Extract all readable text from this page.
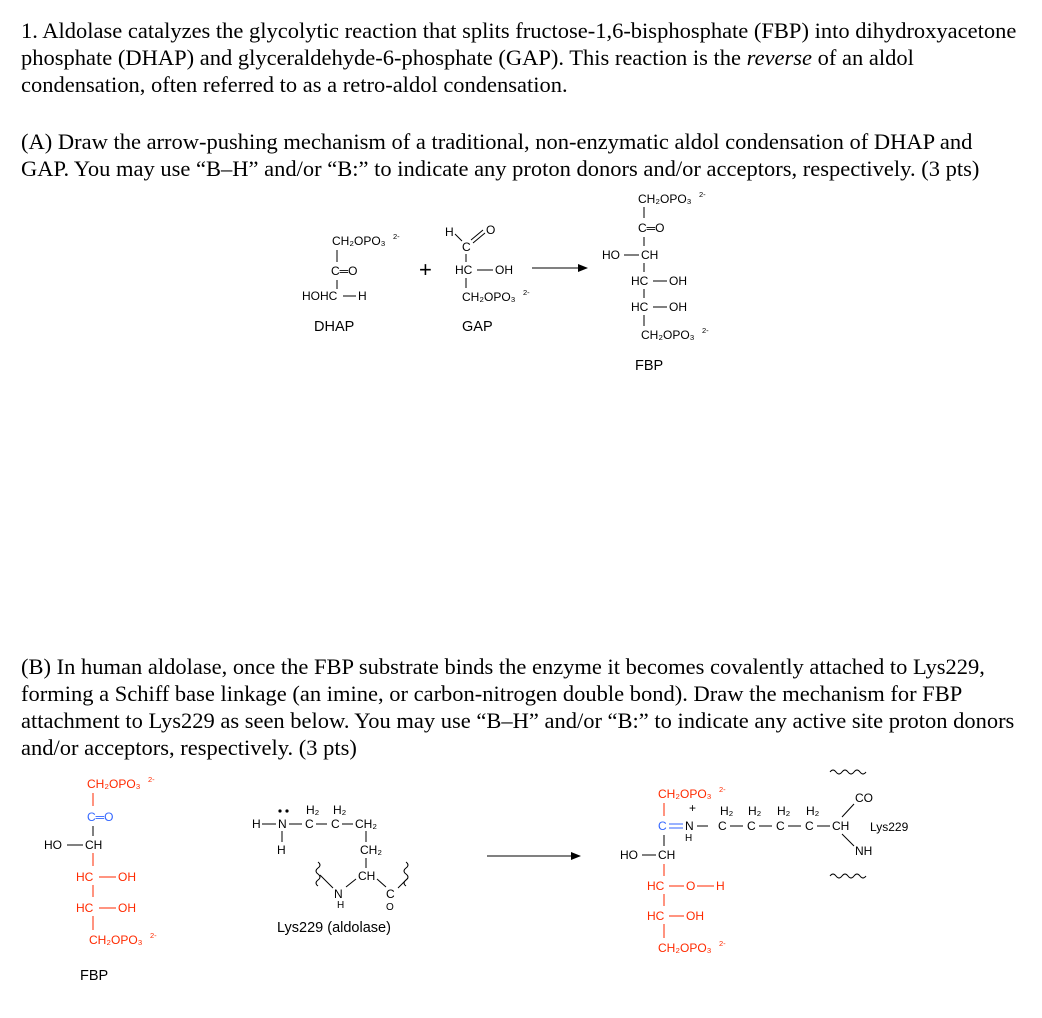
1. Aldolase catalyzes the glycolytic reaction that splits fructose-1,6-bisphosphate (FBP) into dihydroxyacetone phosphate (DHAP) and glyceraldehyde-6-phosphate (GAP). This reaction is the reverse of an aldol condensation, often referred to as a retro-aldol condensation.

(A) Draw the arrow-pushing mechanism of a traditional, non-enzymatic aldol condensation of DHAP and GAP. You may use “B–H” and/or “B:” to indicate any proton donors and/or acceptors, respectively. (3 pts)

(B) In human aldolase, once the FBP substrate binds the enzyme it becomes covalently attached to Lys229, forming a Schiff base linkage (an imine, or carbon-nitrogen double bond). Draw the mechanism for FBP attachment to Lys229 as seen below. You may use “B–H” and/or “B:” to indicate any active site proton donors and/or acceptors, respectively. (3 pts)

CH₂OPO₃ 2-
C═O
HOHC H
DHAP
+
H
C
O
HC OH
CH₂OPO₃ 2-
GAP
CH₂OPO₃ 2-
C═O
HO CH
HC OH
HC OH
CH₂OPO₃ 2-
FBP
CH₂OPO₃ 2-
C═O
HO CH
HC OH
HC OH
CH₂OPO₃ 2-
FBP
H N
H₂
C
H₂
C CH₂
H	CH₂
CH
N
H
C
O
Lys229 (aldolase)
CH₂OPO₃ 2-
+
C N
H
H₂
C
H₂
C
H₂
C
H₂
C CH
CO
Lys229
NH
HO CH
HC O H
HC OH
CH₂OPO₃ 2-
